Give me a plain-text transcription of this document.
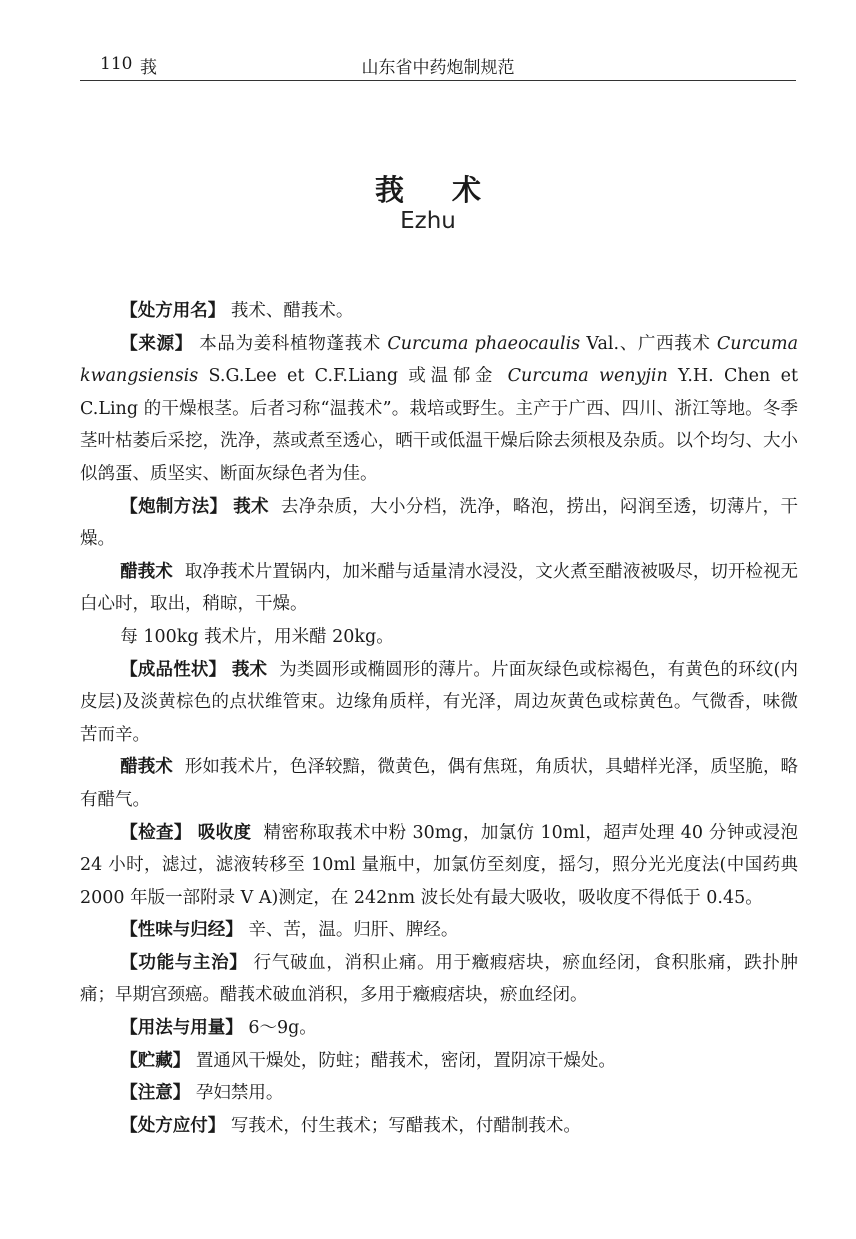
110 莪	山东省中药炮制规范
莪术
Ezhu

【处方用名】 莪术、醋莪术。

【来源】 本品为姜科植物蓬莪术 Curcuma phaeocaulis Val.、广西莪术 Curcuma kwangsiensis S.G.Lee et C.F.Liang 或温郁金 Curcuma wenyjin Y.H. Chen et C.Ling 的干燥根茎。后者习称“温莪术”。栽培或野生。主产于广西、四川、浙江等地。冬季茎叶枯萎后采挖，洗净，蒸或煮至透心，晒干或低温干燥后除去须根及杂质。以个均匀、大小似鸽蛋、质坚实、断面灰绿色者为佳。

【炮制方法】 莪术 去净杂质，大小分档，洗净，略泡，捞出，闷润至透，切薄片，干燥。

醋莪术 取净莪术片置锅内，加米醋与适量清水浸没，文火煮至醋液被吸尽，切开检视无白心时，取出，稍晾，干燥。

每 100kg 莪术片，用米醋 20kg。

【成品性状】 莪术 为类圆形或椭圆形的薄片。片面灰绿色或棕褐色，有黄色的环纹(内皮层)及淡黄棕色的点状维管束。边缘角质样，有光泽，周边灰黄色或棕黄色。气微香，味微苦而辛。

醋莪术 形如莪术片，色泽较黯，微黄色，偶有焦斑，角质状，具蜡样光泽，质坚脆，略有醋气。

【检查】 吸收度 精密称取莪术中粉 30mg，加氯仿 10ml，超声处理 40 分钟或浸泡 24 小时，滤过，滤液转移至 10ml 量瓶中，加氯仿至刻度，摇匀，照分光光度法(中国药典 2000 年版一部附录 V A)测定，在 242nm 波长处有最大吸收，吸收度不得低于 0.45。

【性味与归经】 辛、苦，温。归肝、脾经。

【功能与主治】 行气破血，消积止痛。用于癥瘕痞块，瘀血经闭，食积胀痛，跌扑肿痛；早期宫颈癌。醋莪术破血消积，多用于癥瘕痞块，瘀血经闭。

【用法与用量】 6～9g。

【贮藏】 置通风干燥处，防蛀；醋莪术，密闭，置阴凉干燥处。

【注意】 孕妇禁用。

【处方应付】 写莪术，付生莪术；写醋莪术，付醋制莪术。
